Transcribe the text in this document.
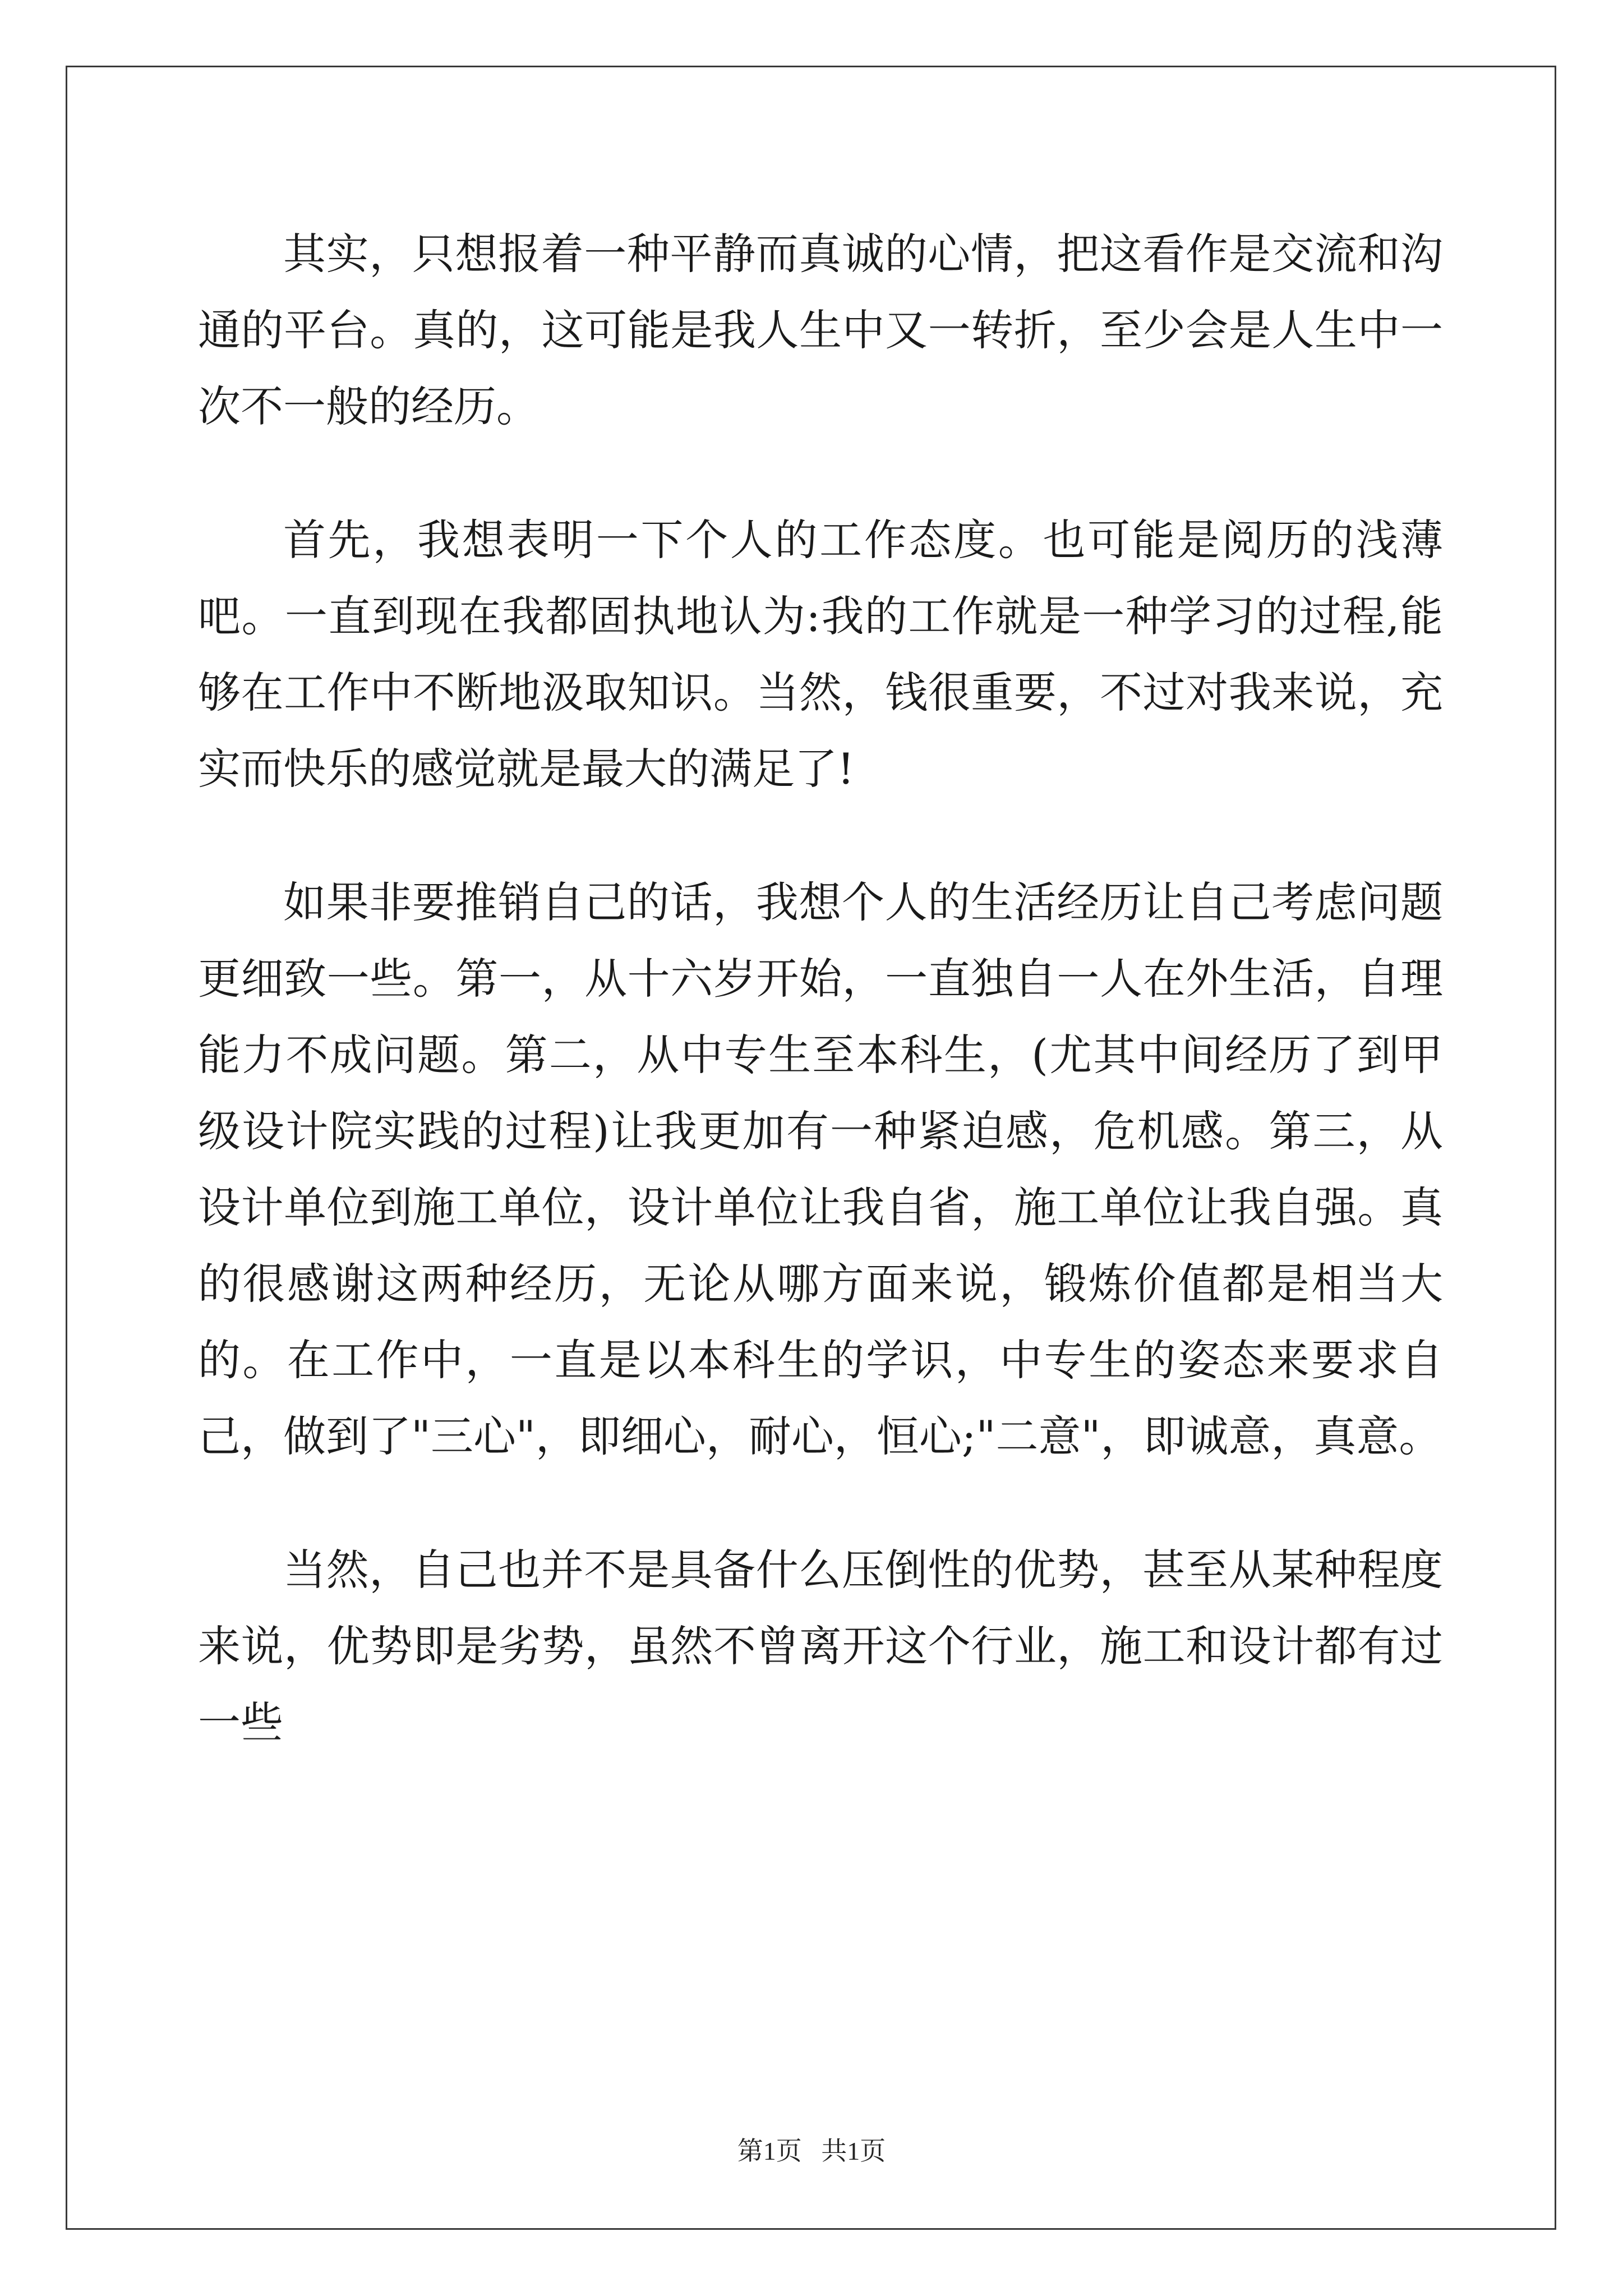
其实，只想报着一种平静而真诚的心情，把这看作是交流和沟通的平台。真的，这可能是我人生中又一转折，至少会是人生中一次不一般的经历。

首先，我想表明一下个人的工作态度。也可能是阅历的浅薄吧。一直到现在我都固执地认为:我的工作就是一种学习的过程,能够在工作中不断地汲取知识。当然，钱很重要，不过对我来说，充实而快乐的感觉就是最大的满足了!

如果非要推销自己的话，我想个人的生活经历让自己考虑问题更细致一些。第一，从十六岁开始，一直独自一人在外生活，自理能力不成问题。第二，从中专生至本科生，(尤其中间经历了到甲级设计院实践的过程)让我更加有一种紧迫感，危机感。第三，从设计单位到施工单位，设计单位让我自省，施工单位让我自强。真的很感谢这两种经历，无论从哪方面来说，锻炼价值都是相当大的。在工作中，一直是以本科生的学识，中专生的姿态来要求自己，做到了"三心"，即细心，耐心，恒心;"二意"，即诚意，真意。

当然，自己也并不是具备什么压倒性的优势，甚至从某种程度来说，优势即是劣势，虽然不曾离开这个行业，施工和设计都有过一些

第1页   共1页
